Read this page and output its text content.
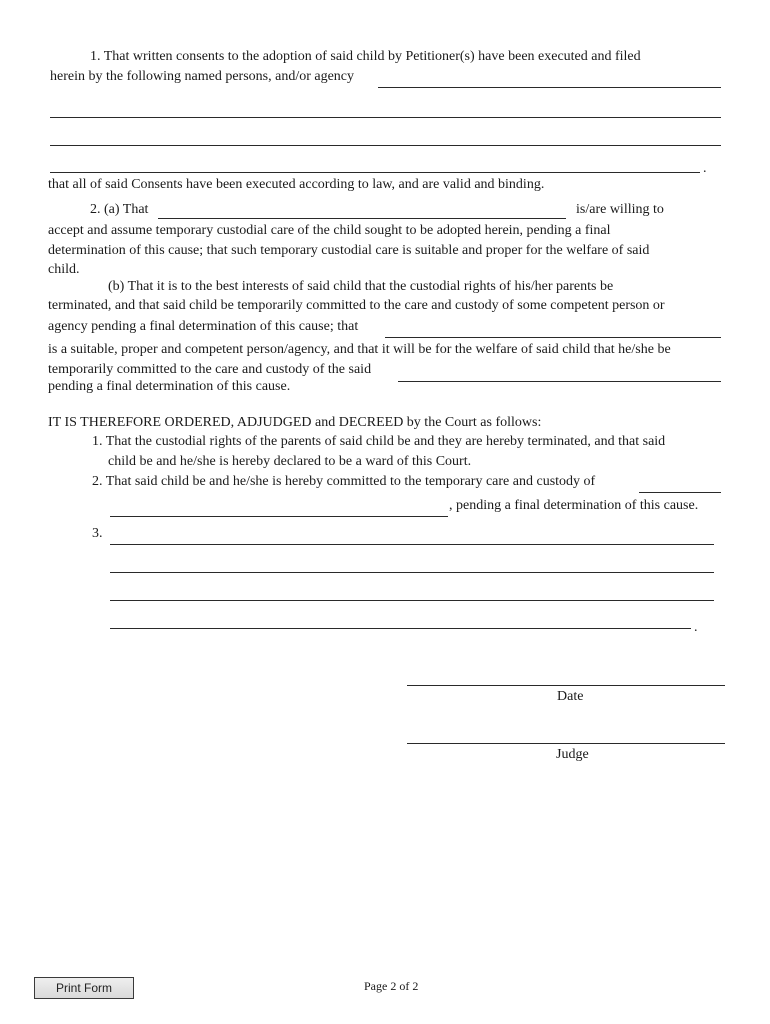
1. That written consents to the adoption of said child by Petitioner(s) have been executed and filed
herein by the following named persons, and/or agency
.
that all of said Consents have been executed according to law, and are valid and binding.
2. (a) That	is/are willing to
accept and assume temporary custodial care of the child sought to be adopted herein, pending a final
determination of this cause; that such temporary custodial care is suitable and proper for the welfare of said
child.
(b) That it is to the best interests of said child that the custodial rights of his/her parents be
terminated, and that said child be temporarily committed to the care and custody of some competent person or
agency pending a final determination of this cause; that
is a suitable, proper and competent person/agency, and that it will be for the welfare of said child that he/she be
temporarily committed to the care and custody of the said
pending a final determination of this cause.
IT IS THEREFORE ORDERED, ADJUDGED and DECREED by the Court as follows:
1. That the custodial rights of the parents of said child be and they are hereby terminated, and that said
child be and he/she is hereby declared to be a ward of this Court.
2. That said child be and he/she is hereby committed to the temporary care and custody of
, pending a final determination of this cause.
3.
.
Date
Judge
Print Form	Page 2 of 2
